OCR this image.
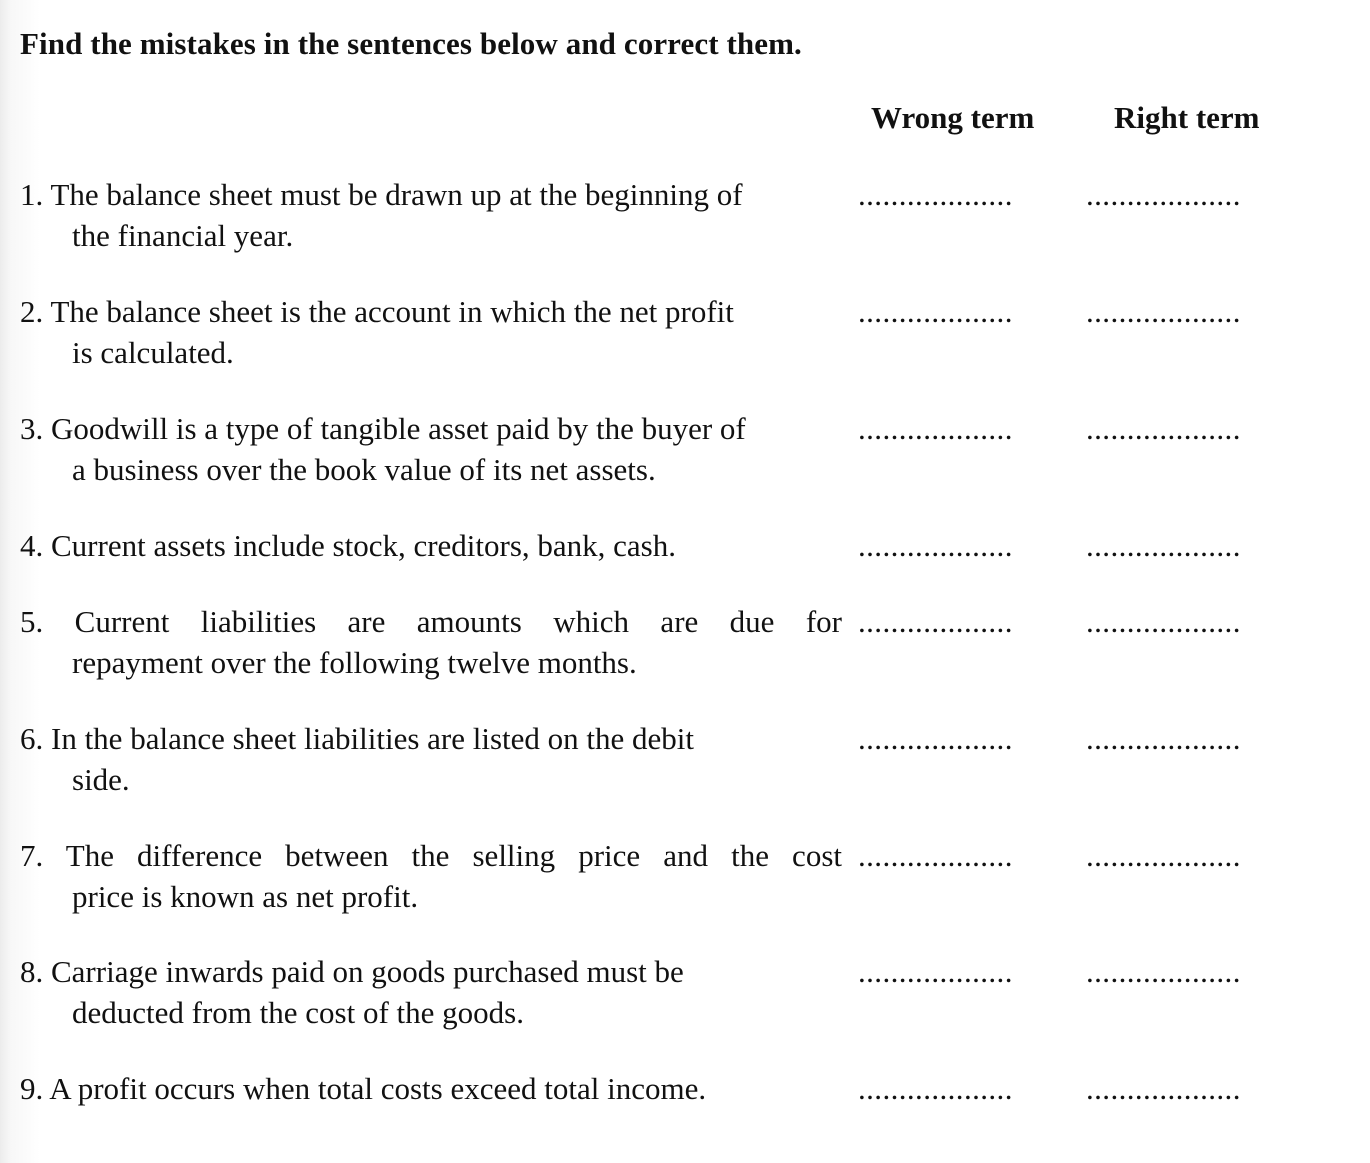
Find the mistakes in the sentences below and correct them.
Wrong term	Right term
1. The balance sheet must be drawn up at the beginning of
the financial year.
...................	...................
2. The balance sheet is the account in which the net profit
is calculated.
...................	...................
3. Goodwill is a type of tangible asset paid by the buyer of
a business over the book value of its net assets.
...................	...................
4. Current assets include stock, creditors, bank, cash.	...................	...................
5. Current liabilities are amounts which are due for
repayment over the following twelve months.
...................	...................
6. In the balance sheet liabilities are listed on the debit
side.
...................	...................
7. The difference between the selling price and the cost
price is known as net profit.
...................	...................
8. Carriage inwards paid on goods purchased must be
deducted from the cost of the goods.
...................	...................
9. A profit occurs when total costs exceed total income.	...................	...................
